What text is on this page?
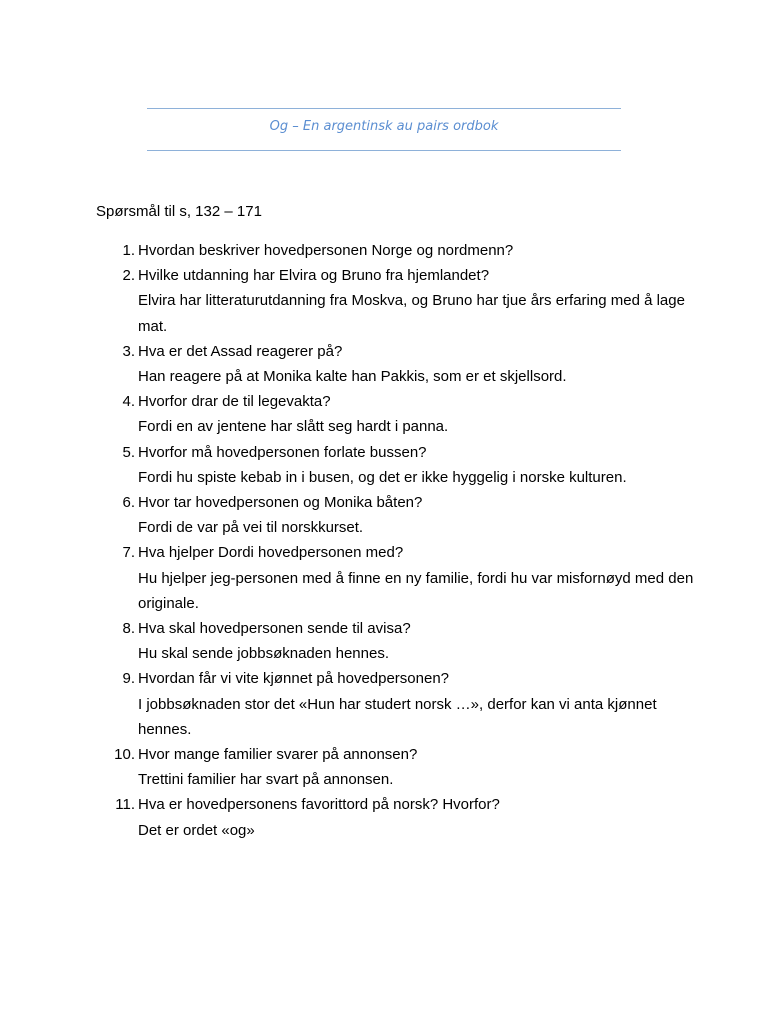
Og – En argentinsk au pairs ordbok
Spørsmål til s, 132 – 171
1. Hvordan beskriver hovedpersonen Norge og nordmenn?
2. Hvilke utdanning har Elvira og Bruno fra hjemlandet?
Elvira har litteraturutdanning fra Moskva, og Bruno har tjue års erfaring med å lage mat.
3. Hva er det Assad reagerer på?
Han reagere på at Monika kalte han Pakkis, som er et skjellsord.
4. Hvorfor drar de til legevakta?
Fordi en av jentene har slått seg hardt i panna.
5. Hvorfor må hovedpersonen forlate bussen?
Fordi hu spiste kebab in i busen, og det er ikke hyggelig i norske kulturen.
6. Hvor tar hovedpersonen og Monika båten?
Fordi de var på vei til norskkurset.
7. Hva hjelper Dordi hovedpersonen med?
Hu hjelper jeg-personen med å finne en ny familie, fordi hu var misfornøyd med den originale.
8. Hva skal hovedpersonen sende til avisa?
Hu skal sende jobbsøknaden hennes.
9. Hvordan får vi vite kjønnet på hovedpersonen?
I jobbsøknaden stor det «Hun har studert norsk …», derfor kan vi anta kjønnet hennes.
10. Hvor mange familier svarer på annonsen?
Trettini familier har svart på annonsen.
11. Hva er hovedpersonens favorittord på norsk? Hvorfor?
Det er ordet «og»
